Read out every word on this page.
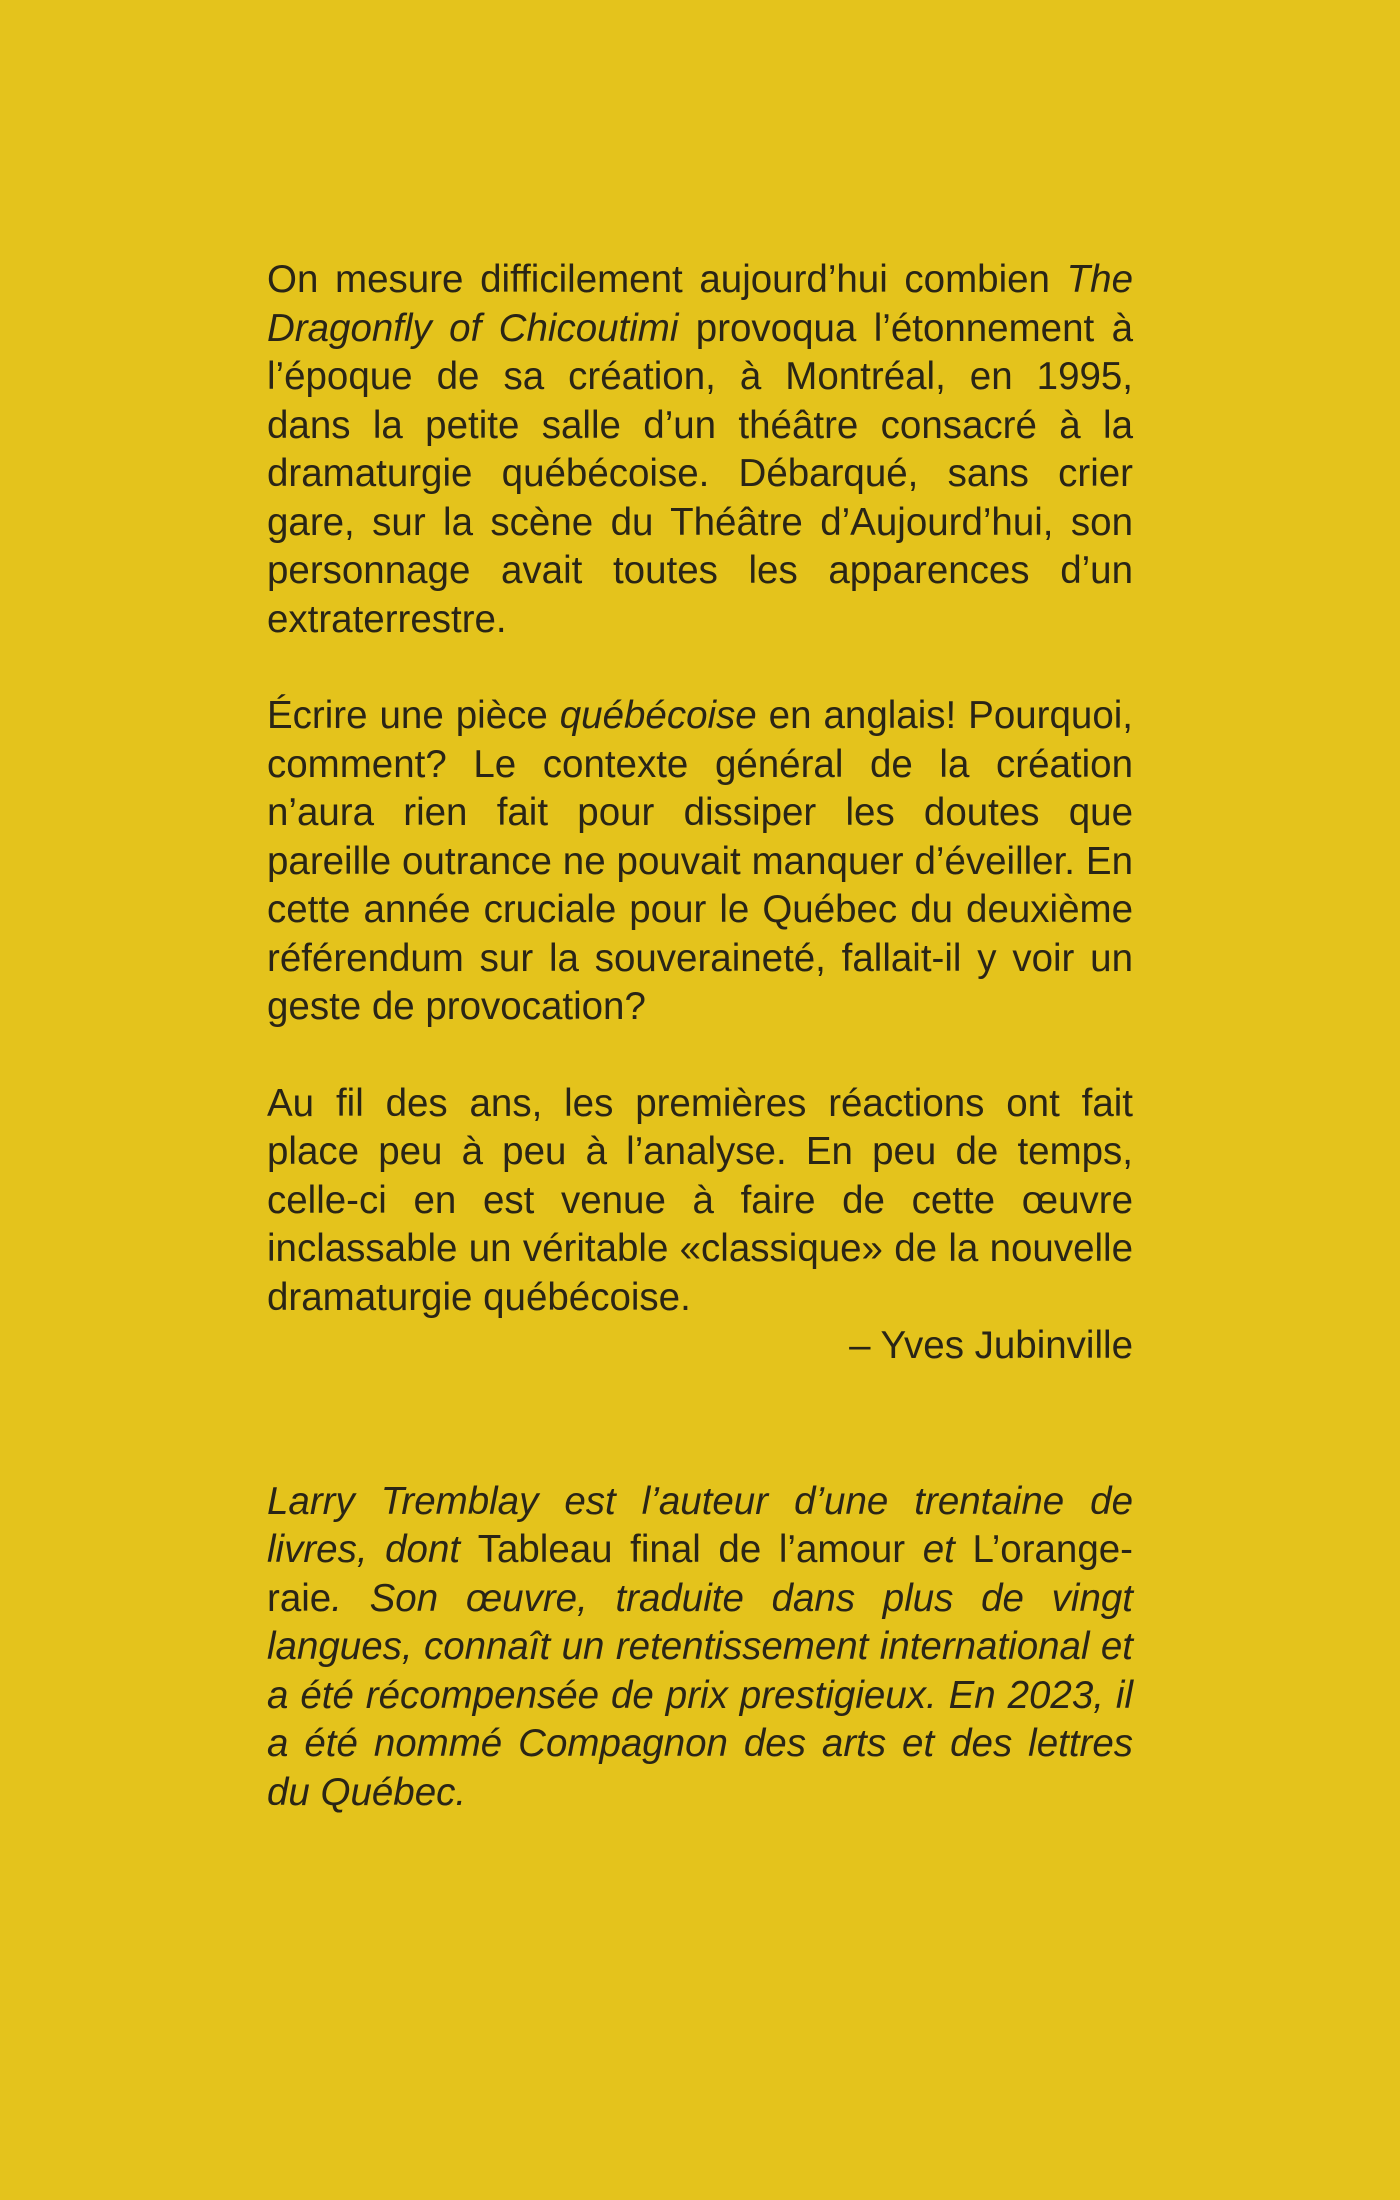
On mesure difficilement aujourd’hui combien The Dragonfly of Chicoutimi provoqua l’étonnement à l’époque de sa création, à Montréal, en 1995, dans la petite salle d’un théâtre consacré à la dramaturgie québécoise. Débarqué, sans crier gare, sur la scène du Théâtre d’Aujourd’hui, son personnage avait toutes les apparences d’un extraterrestre.

Écrire une pièce québécoise en anglais! Pourquoi, comment? Le contexte général de la création n’aura rien fait pour dissiper les doutes que pareille outrance ne pouvait manquer d’éveiller. En cette année cruciale pour le Québec du deuxième référendum sur la souveraineté, fallait-il y voir un geste de provocation?

Au fil des ans, les premières réactions ont fait place peu à peu à l’analyse. En peu de temps, celle-ci en est venue à faire de cette œuvre inclassable un véritable «classique» de la nouvelle dramaturgie québécoise.

– Yves Jubinville

Larry Tremblay est l’auteur d’une trentaine de livres, dont Tableau final de l’amour et L’orangeraie. Son œuvre, traduite dans plus de vingt langues, connaît un retentissement international et a été récompensée de prix prestigieux. En 2023, il a été nommé Compagnon des arts et des lettres du Québec.
